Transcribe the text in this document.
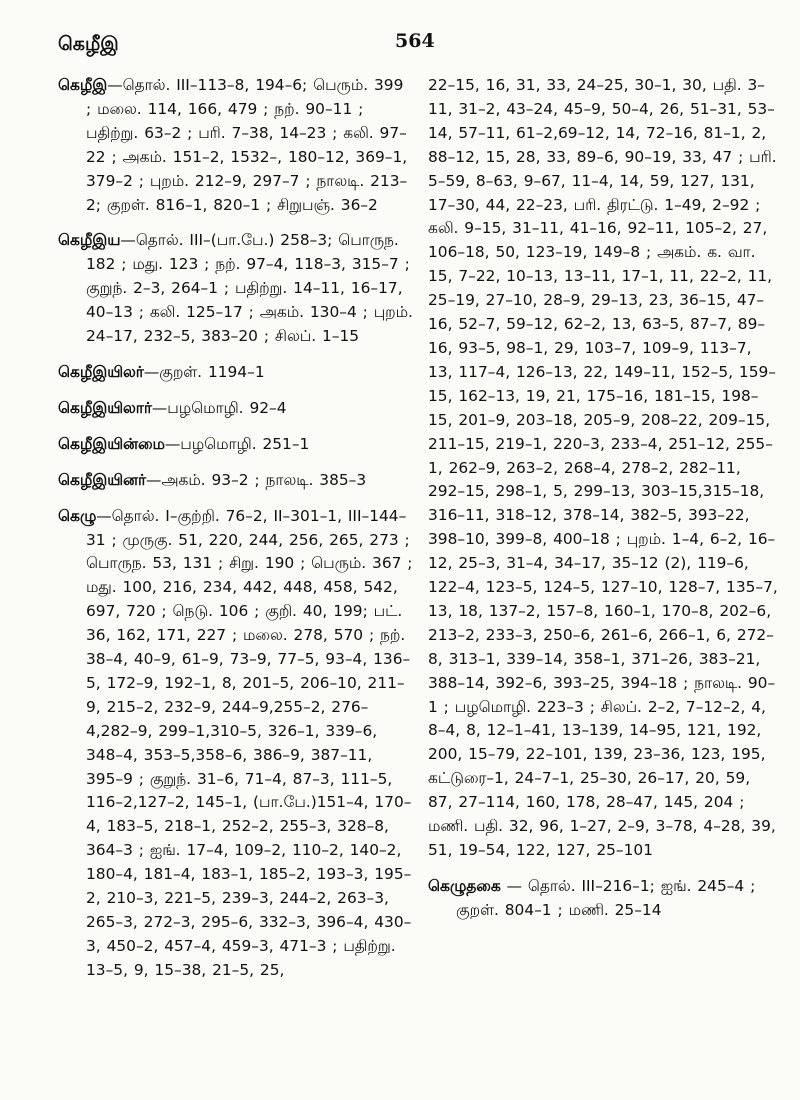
கெழீஇ	564

கெழீஇ—தொல். III–113–8, 194–6; பெரும். 399 ; மலை. 114, 166, 479 ; நற். 90–11 ; பதிற்று. 63–2 ; பரி. 7–38, 14–23 ; கலி. 97–22 ; அகம். 151–2, 1532–, 180–12, 369–1, 379–2 ; புறம். 212–9, 297–7 ; நாலடி. 213–2; குறள். 816–1, 820–1 ; சிறுபஞ். 36–2

கெழீஇய—தொல். III–(பா.பே.) 258–3; பொருந. 182 ; மது. 123 ; நற். 97–4, 118–3, 315–7 ; குறுந். 2–3, 264–1 ; பதிற்று. 14–11, 16–17, 40–13 ; கலி. 125–17 ; அகம். 130–4 ; புறம். 24–17, 232–5, 383–20 ; சிலப். 1–15

கெழீஇயிலர்—குறள். 1194–1

கெழீஇயிலார்—பழமொழி. 92–4

கெழீஇயின்மை—பழமொழி. 251–1

கெழீஇயினர்—அகம். 93–2 ; நாலடி. 385–3

கெழு—தொல். I–குற்றி. 76–2, II–301–1, III–144–31 ; முருகு. 51, 220, 244, 256, 265, 273 ; பொருந. 53, 131 ; சிறு. 190 ; பெரும். 367 ; மது. 100, 216, 234, 442, 448, 458, 542, 697, 720 ; நெடு. 106 ; குறி. 40, 199; பட். 36, 162, 171, 227 ; மலை. 278, 570 ; நற். 38–4, 40–9, 61–9, 73–9, 77–5, 93–4, 136–5, 172–9, 192–1, 8, 201–5, 206–10, 211–9, 215–2, 232–9, 244–9,255–2, 276–4,282–9, 299–1,310–5, 326–1, 339–6, 348–4, 353–5,358–6, 386–9, 387–11, 395–9 ; குறுந். 31–6, 71–4, 87–3, 111–5, 116–2,127–2, 145–1, (பா.பே.)151–4, 170–4, 183–5, 218–1, 252–2, 255–3, 328–8, 364–3 ; ஐங். 17–4, 109–2, 110–2, 140–2, 180–4, 181–4, 183–1, 185–2, 193–3, 195–2, 210–3, 221–5, 239–3, 244–2, 263–3, 265–3, 272–3, 295–6, 332–3, 396–4, 430–3, 450–2, 457–4, 459–3, 471–3 ; பதிற்று. 13–5, 9, 15–38, 21–5, 25,

22–15, 16, 31, 33, 24–25, 30–1, 30, பதி. 3–11, 31–2, 43–24, 45–9, 50–4, 26, 51–31, 53–14, 57–11, 61–2,69–12, 14, 72–16, 81–1, 2, 88–12, 15, 28, 33, 89–6, 90–19, 33, 47 ; பரி. 5–59, 8–63, 9–67, 11–4, 14, 59, 127, 131, 17–30, 44, 22–23, பரி. திரட்டு. 1–49, 2–92 ; கலி. 9–15, 31–11, 41–16, 92–11, 105–2, 27, 106–18, 50, 123–19, 149–8 ; அகம். க. வா. 15, 7–22, 10–13, 13–11, 17–1, 11, 22–2, 11, 25–19, 27–10, 28–9, 29–13, 23, 36–15, 47–16, 52–7, 59–12, 62–2, 13, 63–5, 87–7, 89–16, 93–5, 98–1, 29, 103–7, 109–9, 113–7, 13, 117–4, 126–13, 22, 149–11, 152–5, 159–15, 162–13, 19, 21, 175–16, 181–15, 198–15, 201–9, 203–18, 205–9, 208–22, 209–15, 211–15, 219–1, 220–3, 233–4, 251–12, 255–1, 262–9, 263–2, 268–4, 278–2, 282–11, 292–15, 298–1, 5, 299–13, 303–15,315–18, 316–11, 318–12, 378–14, 382–5, 393–22, 398–10, 399–8, 400–18 ; புறம். 1–4, 6–2, 16–12, 25–3, 31–4, 34–17, 35–12 (2), 119–6, 122–4, 123–5, 124–5, 127–10, 128–7, 135–7, 13, 18, 137–2, 157–8, 160–1, 170–8, 202–6, 213–2, 233–3, 250–6, 261–6, 266–1, 6, 272–8, 313–1, 339–14, 358–1, 371–26, 383–21, 388–14, 392–6, 393–25, 394–18 ; நாலடி. 90–1 ; பழமொழி. 223–3 ; சிலப். 2–2, 7–12–2, 4, 8–4, 8, 12–1–41, 13–139, 14–95, 121, 192, 200, 15–79, 22–101, 139, 23–36, 123, 195, கட்டுரை–1, 24–7–1, 25–30, 26–17, 20, 59, 87, 27–114, 160, 178, 28–47, 145, 204 ; மணி. பதி. 32, 96, 1–27, 2–9, 3–78, 4–28, 39, 51, 19–54, 122, 127, 25–101

கெழுதகை — தொல். III–216–1; ஐங். 245–4 ; குறள். 804–1 ; மணி. 25–14
